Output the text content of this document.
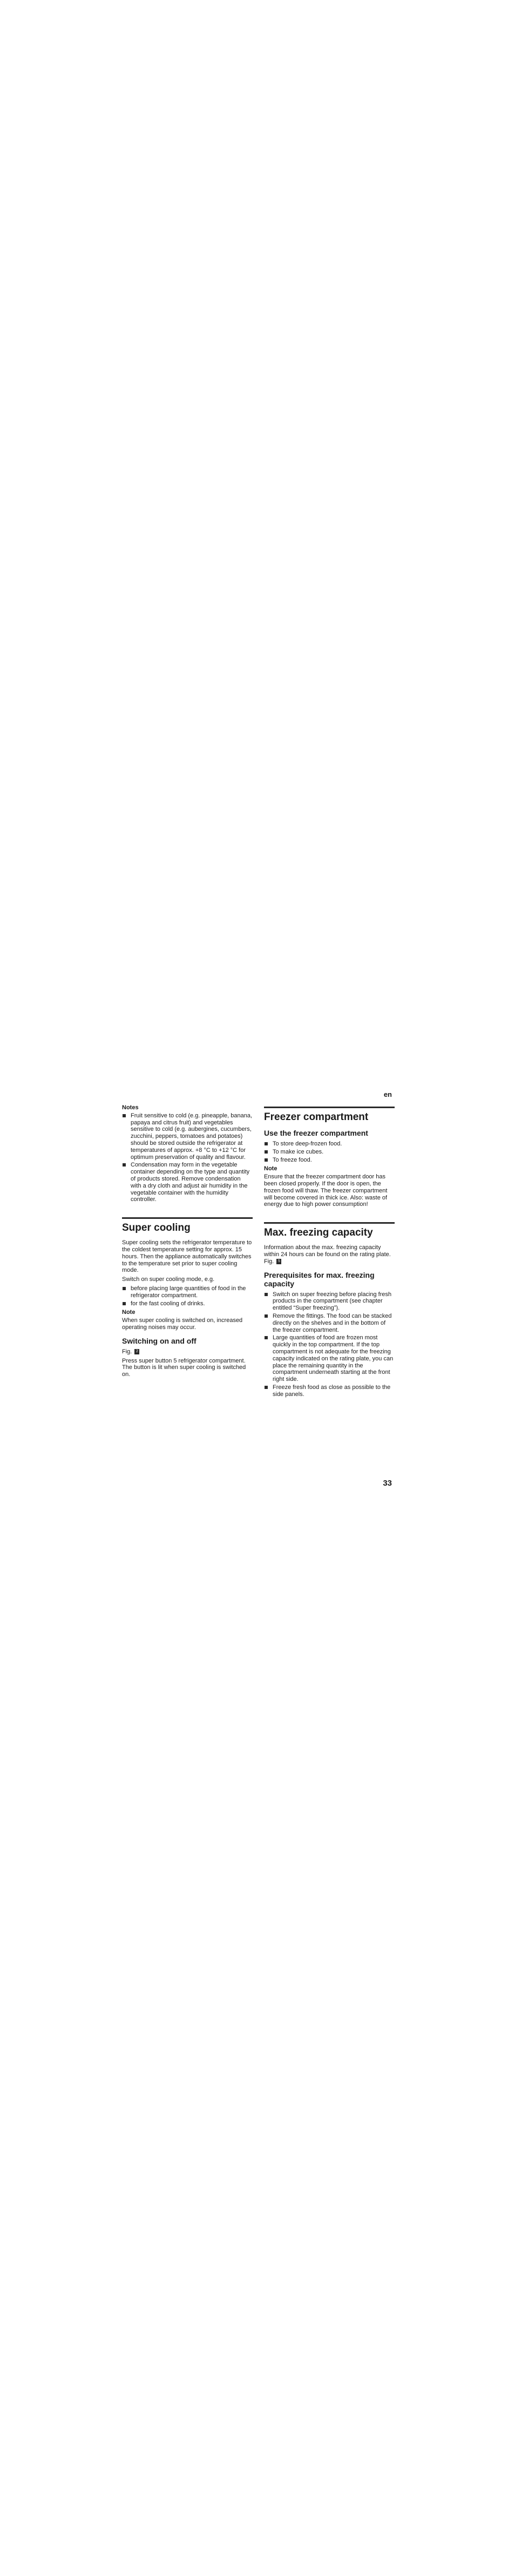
en
Notes
Fruit sensitive to cold (e.g. pineapple, banana, papaya and citrus fruit) and vegetables sensitive to cold (e.g. aubergines, cucumbers, zucchini, peppers, tomatoes and potatoes) should be stored outside the refrigerator at temperatures of approx. +8 °C to +12 °C for optimum preservation of quality and flavour.
Condensation may form in the vegetable container depending on the type and quantity of products stored. Remove condensation with a dry cloth and adjust air humidity in the vegetable container with the humidity controller.
Super cooling

Super cooling sets the refrigerator temperature to the coldest temperature setting for approx. 15 hours. Then the appliance automatically switches to the temperature set prior to super cooling mode.

Switch on super cooling mode, e.g.

before placing large quantities of food in the refrigerator compartment.
for the fast cooling of drinks.
Note

When super cooling is switched on, increased operating noises may occur.

Switching on and off

Fig. 2

Press super button 5 refrigerator compartment.

The button is lit when super cooling is switched on.

Freezer compartment
Use the freezer compartment
To store deep-frozen food.
To make ice cubes.
To freeze food.
Note

Ensure that the freezer compartment door has been closed properly. If the door is open, the frozen food will thaw. The freezer compartment will become covered in thick ice. Also: waste of energy due to high power consumption!

Max. freezing capacity

Information about the max. freezing capacity within 24 hours can be found on the rating plate. Fig. 5

Prerequisites for max. freezing capacity
Switch on super freezing before placing fresh products in the compartment (see chapter entitled “Super freezing”).
Remove the fittings. The food can be stacked directly on the shelves and in the bottom of the freezer compartment.
Large quantities of food are frozen most quickly in the top compartment. If the top compartment is not adequate for the freezing capacity indicated on the rating plate, you can place the remaining quantity in the compartment underneath starting at the front right side.
Freeze fresh food as close as possible to the side panels.
33
